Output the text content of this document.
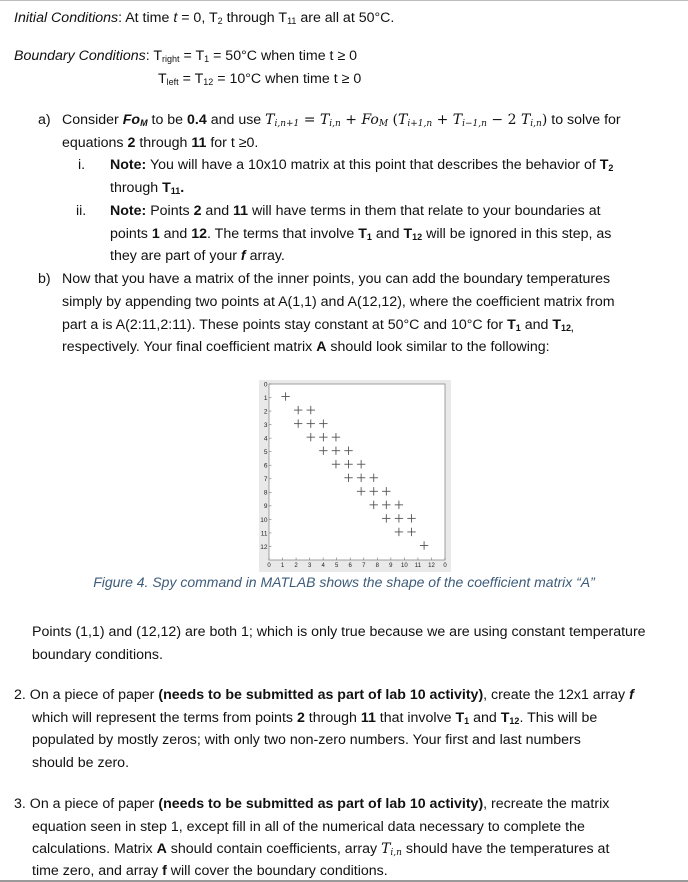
Initial Conditions: At time t = 0, $T_2$ through $T_{11}$ are all at 50°C.
Boundary Conditions: $T_{right} = T_1 = 50^\circ C$ when time t ≥ 0
$T_{left} = T_{12} = 10^\circ C$ when time t ≥ 0
a) Consider $Fo_M$ to be 0.4 and use $T_{i,n+1} = T_{i,n} + Fo_M$ ($T_{i+1,n} + T_{i-1,n} - 2$ $T_{i,n}$) to solve for
equations 2 through 11 for t ≥0.
i. Note: You will have a 10x10 matrix at this point that describes the behavior of $T_2$
through $T_{11}$.
ii. Note: Points 2 and 11 will have terms in them that relate to your boundaries at
points 1 and 12. The terms that involve $T_1$ and $T_{12}$ will be ignored in this step, as
they are part of your f array.
b) Now that you have a matrix of the inner points, you can add the boundary temperatures
simply by appending two points at A(1,1) and A(12,12), where the coefficient matrix from
part a is A(2:11,2:11). These points stay constant at 50°C and 10°C for $T_1$ and $T_{12,}$
respectively. Your final coefficient matrix A should look similar to the following:
0
1
2
3
4
5
6
7
8
9
10
11
12
0 1 2 3 4 5 6 7 8 9 10 11 12 0
Figure 4. Spy command in MATLAB shows the shape of the coefficient matrix “A”
Points (1,1) and (12,12) are both 1; which is only true because we are using constant temperature
boundary conditions.
2. On a piece of paper (needs to be submitted as part of lab 10 activity), create the 12x1 array f
which will represent the terms from points 2 through 11 that involve $T_1$ and $T_{12}$. This will be
populated by mostly zeros; with only two non-zero numbers. Your first and last numbers
should be zero.
3. On a piece of paper (needs to be submitted as part of lab 10 activity), recreate the matrix
equation seen in step 1, except fill in all of the numerical data necessary to complete the
calculations. Matrix A should contain coefficients, array $T_{i,n}$ should have the temperatures at
time zero, and array f will cover the boundary conditions.
